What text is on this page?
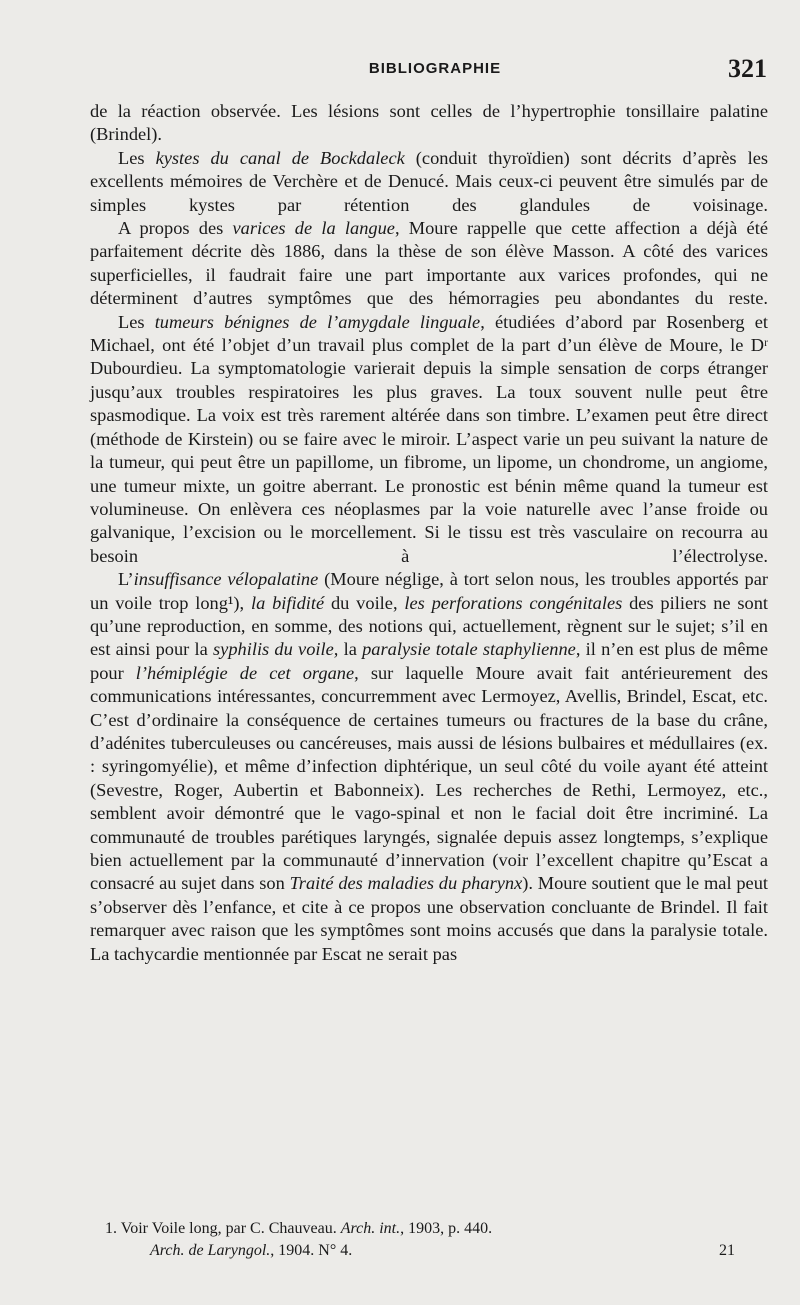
BIBLIOGRAPHIE	321

de la réaction observée. Les lésions sont celles de l’hypertrophie tonsillaire palatine (Brindel).

Les kystes du canal de Bockdaleck (conduit thyroïdien) sont décrits d’après les excellents mémoires de Verchère et de Denucé. Mais ceux-ci peuvent être simulés par de simples kystes par rétention des glandules de voisinage.

A propos des varices de la langue, Moure rappelle que cette affection a déjà été parfaitement décrite dès 1886, dans la thèse de son élève Masson. A côté des varices superficielles, il faudrait faire une part importante aux varices profondes, qui ne déterminent d’autres symptômes que des hémorragies peu abondantes du reste.

Les tumeurs bénignes de l’amygdale linguale, étudiées d’abord par Rosenberg et Michael, ont été l’objet d’un travail plus complet de la part d’un élève de Moure, le Dʳ Dubourdieu. La symptomatologie varierait depuis la simple sensation de corps étranger jusqu’aux troubles respiratoires les plus graves. La toux souvent nulle peut être spasmodique. La voix est très rarement altérée dans son timbre. L’examen peut être direct (méthode de Kirstein) ou se faire avec le miroir. L’aspect varie un peu suivant la nature de la tumeur, qui peut être un papillome, un fibrome, un lipome, un chondrome, un angiome, une tumeur mixte, un goitre aberrant. Le pronostic est bénin même quand la tumeur est volumineuse. On enlèvera ces néoplasmes par la voie naturelle avec l’anse froide ou galvanique, l’excision ou le morcellement. Si le tissu est très vasculaire on recourra au besoin à l’électrolyse.

L’insuffisance vélopalatine (Moure néglige, à tort selon nous, les troubles apportés par un voile trop long¹), la bifidité du voile, les perforations congénitales des piliers ne sont qu’une reproduction, en somme, des notions qui, actuellement, règnent sur le sujet; s’il en est ainsi pour la syphilis du voile, la paralysie totale staphylienne, il n’en est plus de même pour l’hémiplégie de cet organe, sur laquelle Moure avait fait antérieurement des communications intéressantes, concurremment avec Lermoyez, Avellis, Brindel, Escat, etc. C’est d’ordinaire la conséquence de certaines tumeurs ou fractures de la base du crâne, d’adénites tuberculeuses ou cancéreuses, mais aussi de lésions bulbaires et médullaires (ex. : syringomyélie), et même d’infection diphtérique, un seul côté du voile ayant été atteint (Sevestre, Roger, Aubertin et Babonneix). Les recherches de Rethi, Lermoyez, etc., semblent avoir démontré que le vago-spinal et non le facial doit être incriminé. La communauté de troubles parétiques laryngés, signalée depuis assez longtemps, s’explique bien actuellement par la communauté d’innervation (voir l’excellent chapitre qu’Escat a consacré au sujet dans son Traité des maladies du pharynx). Moure soutient que le mal peut s’observer dès l’enfance, et cite à ce propos une observation concluante de Brindel. Il fait remarquer avec raison que les symptômes sont moins accusés que dans la paralysie totale. La tachycardie mentionnée par Escat ne serait pas

1. Voir Voile long, par C. Chauveau. Arch. int., 1903, p. 440.
Arch. de Laryngol., 1904. N° 4.	21
